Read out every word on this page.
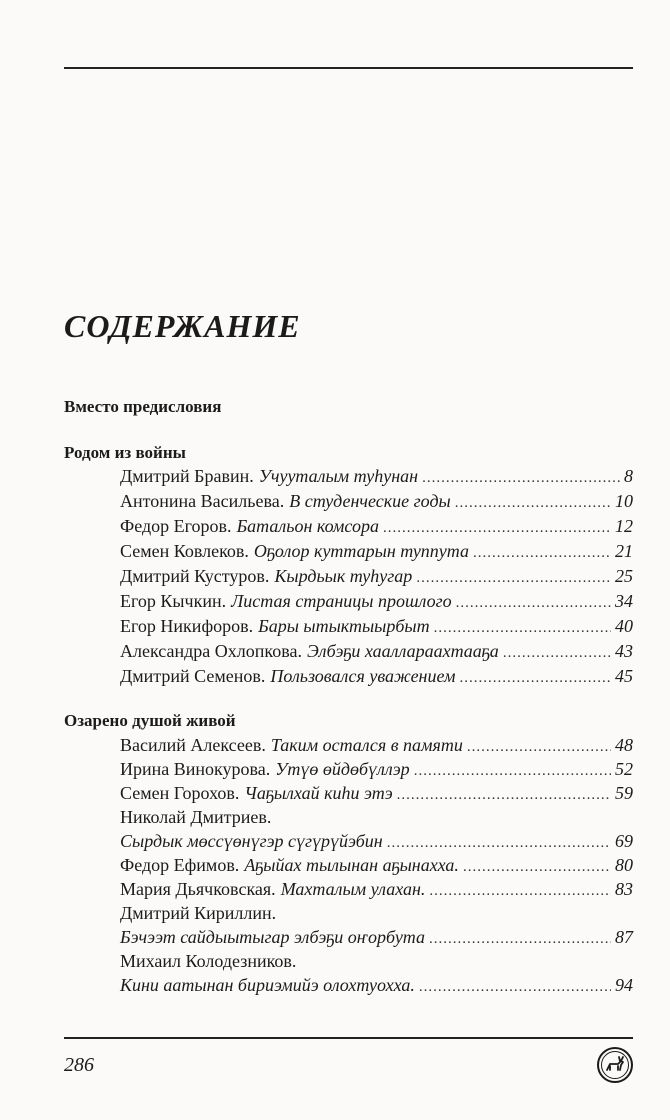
СОДЕРЖАНИЕ
Вместо предисловия
Родом из войны
Дмитрий Бравин. Учууталым туһунан .....	8
Антонина Васильева. В студенческие годы .....	10
Федор Егоров. Батальон комсора .....	12
Семен Ковлеков. Оҕолор куттарын туппута .....	21
Дмитрий Кустуров. Кырдьык туһугар .....	25
Егор Кычкин. Листая страницы прошлого .....	34
Егор Никифоров. Бары ытыктыырбыт .....	40
Александра Охлопкова. Элбэҕи хааллараахтааҕа .....	43
Дмитрий Семенов. Пользовался уважением .....	45
Озарено душой живой
Василий Алексеев. Таким остался в памяти .....	48
Ирина Винокурова. Утүө өйдөбүллэр .....	52
Семен Горохов. Чаҕылхай киһи этэ .....	59
Николай Дмитриев.
Сырдык мөссүөнүгэр сүгүрүйэбин .....	69
Федор Ефимов. Аҕыйах тылынан аҕынахха. .....	80
Мария Дьячковская. Махталым улахан. .....	83
Дмитрий Кириллин.
Бэчээт сайдыытыгар элбэҕи оҥорбута .....	87
Михаил Колодезников.
Кини аатынан бириэмийэ олохтуохха. .....	94
286
